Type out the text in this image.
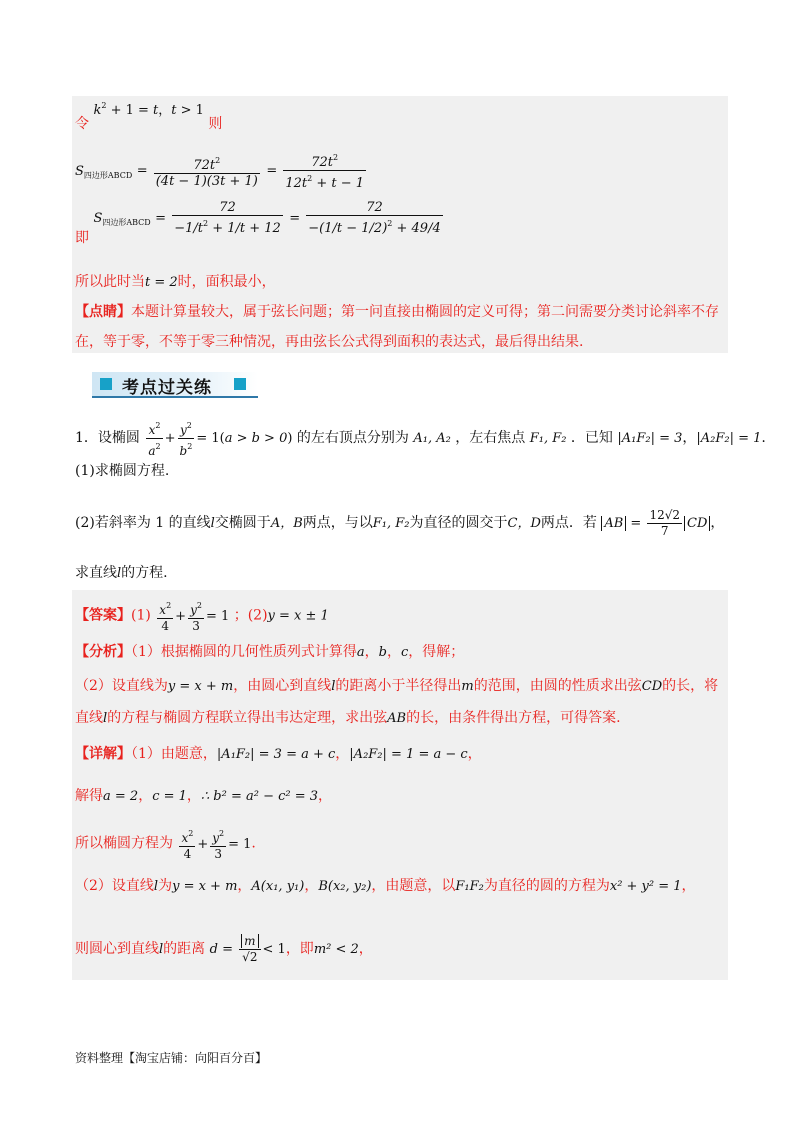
令 $k^2 + 1 = t$，t > 1 则
$S_{四边形ABCD} = \frac{72t^2}{(4t - 1)(3t + 1)} = \frac{72t^2}{12t^2 + t - 1}$
即 $S_{四边形ABCD} = \frac{72}{-1/t^2 + 1/t + 12} = \frac{72}{-(1/t - 1/2)^2 + 49/4}$
所以此时当t = 2时，面积最小，
【点睛】本题计算量较大，属于弦长问题；第一问直接由椭圆的定义可得；第二问需要分类讨论斜率不存
在，等于零，不等于零三种情况，再由弦长公式得到面积的表达式，最后得出结果.
考点过关练
1．设椭圆 $\frac{x^2}{a^2} + \frac{y^2}{b^2} = 1(a > b > 0)$ 的左右顶点分别为 A₁, A₂ ，左右焦点 F₁, F₂ ．已知 |A₁F₂| = 3，|A₂F₂| = 1.
(1)求椭圆方程.
(2)若斜率为 1 的直线l交椭圆于A，B两点，与以F₁, F₂为直径的圆交于C，D两点．若 AB = $\frac{12√2}{7}$ CD ，
求直线l的方程.
【答案】$(1) \frac{x^2}{4} + \frac{y^2}{3} = 1$ ；(2)y = x ± 1
【分析】（1）根据椭圆的几何性质列式计算得a，b，c，得解；
（2）设直线为y = x + m，由圆心到直线l的距离小于半径得出m的范围，由圆的性质求出弦CD的长，将
直线l的方程与椭圆方程联立得出韦达定理，求出弦AB的长，由条件得出方程，可得答案.
【详解】（1）由题意，|A₁F₂| = 3 = a + c，|A₂F₂| = 1 = a − c，
解得a = 2，c = 1，∴ b² = a² − c² = 3，
所以椭圆方程为 $\frac{x^2}{4} + \frac{y^2}{3} = 1$.
（2）设直线l为y = x + m，A(x₁, y₁)，B(x₂, y₂)，由题意，以F₁F₂为直径的圆的方程为x² + y² = 1，
则圆心到直线l的距离 $d = \frac{m}{√2} < 1$，即m² < 2，
资料整理【淘宝店铺：向阳百分百】
